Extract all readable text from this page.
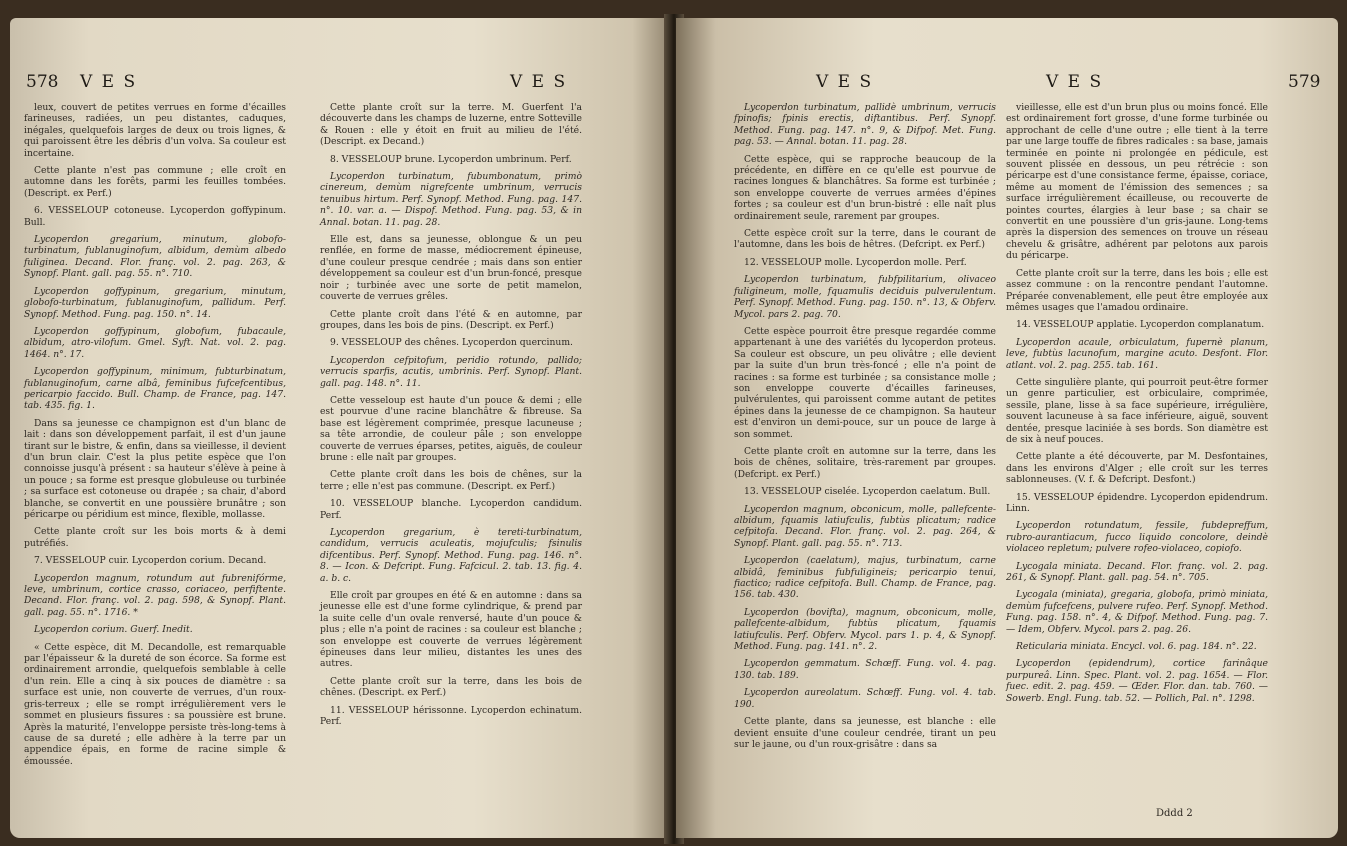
578 V E S	V E S

leux, couvert de petites verrues en forme d'écailles farineuses, radiées, un peu distantes, caduques, inégales, quelquefois larges de deux ou trois lignes, & qui paroissent être les débris d'un volva. Sa couleur est incertaine.

Cette plante n'est pas commune ; elle croît en automne dans les forêts, parmi les feuilles tombées. (Descript. ex Perf.)

6. VESSELOUP cotoneuse. Lycoperdon goffypinum. Bull.

Lycoperdon gregarium, minutum, globofo-turbinatum, fublanuginofum, albidum, demùm albedo fuliginea. Decand. Flor. franç. vol. 2. pag. 263, & Synopf. Plant. gall. pag. 55. n°. 710.

Lycoperdon goffypinum, gregarium, minutum, globofo-turbinatum, fublanuginofum, pallidum. Perf. Synopf. Method. Fung. pag. 150. n°. 14.

Lycoperdon goffypinum, globofum, fubacaule, albidum, atro-vilofum. Gmel. Syft. Nat. vol. 2. pag. 1464. n°. 17.

Lycoperdon goffypinum, minimum, fubturbinatum, fublanuginofum, carne albâ, feminibus fufcefcentibus, pericarpio faccido. Bull. Champ. de France, pag. 147. tab. 435. fig. 1.

Dans sa jeunesse ce champignon est d'un blanc de lait : dans son développement parfait, il est d'un jaune tirant sur le bistre, & enfin, dans sa vieillesse, il devient d'un brun clair. C'est la plus petite espèce que l'on connoisse jusqu'à présent : sa hauteur s'élève à peine à un pouce ; sa forme est presque globuleuse ou turbinée ; sa surface est cotoneuse ou drapée ; sa chair, d'abord blanche, se convertit en une poussière brunâtre ; son péricarpe ou péridium est mince, flexible, mollasse.

Cette plante croît sur les bois morts & à demi putréfiés.

7. VESSELOUP cuir. Lycoperdon corium. Decand.

Lycoperdon magnum, rotundum aut fubrenifórme, leve, umbrinum, cortice crasso, coriaceo, perfiftente. Decand. Flor. franç. vol. 2. pag. 598, & Synopf. Plant. gall. pag. 55. n°. 1716. *

Lycoperdon corium. Guerf. Inedit.

« Cette espèce, dit M. Decandolle, est remarquable par l'épaisseur & la dureté de son écorce. Sa forme est ordinairement arrondie, quelquefois semblable à celle d'un rein. Elle a cinq à six pouces de diamètre : sa surface est unie, non couverte de verrues, d'un roux-gris-terreux ; elle se rompt irrégulièrement vers le sommet en plusieurs fissures : sa poussière est brune. Après la maturité, l'enveloppe persiste très-long-tems à cause de sa dureté ; elle adhère à la terre par un appendice épais, en forme de racine simple & émoussée.

Cette plante croît sur la terre. M. Guerfent l'a découverte dans les champs de luzerne, entre Sotteville & Rouen : elle y étoit en fruit au milieu de l'été. (Descript. ex Decand.)

8. VESSELOUP brune. Lycoperdon umbrinum. Perf.

Lycoperdon turbinatum, fubumbonatum, primò cinereum, demùm nigrefcente umbrinum, verrucis tenuibus hirtum. Perf. Synopf. Method. Fung. pag. 147. n°. 10. var. a. — Dispof. Method. Fung. pag. 53, & in Annal. botan. 11. pag. 28.

Elle est, dans sa jeunesse, oblongue & un peu renflée, en forme de masse, médiocrement épineuse, d'une couleur presque cendrée ; mais dans son entier développement sa couleur est d'un brun-foncé, presque noir ; turbinée avec une sorte de petit mamelon, couverte de verrues grêles.

Cette plante croît dans l'été & en automne, par groupes, dans les bois de pins. (Descript. ex Perf.)

9. VESSELOUP des chênes. Lycoperdon quercinum.

Lycoperdon cefpitofum, peridio rotundo, pallido; verrucis sparfis, acutis, umbrinis. Perf. Synopf. Plant. gall. pag. 148. n°. 11.

Cette vesseloup est haute d'un pouce & demi ; elle est pourvue d'une racine blanchâtre & fibreuse. Sa base est légèrement comprimée, presque lacuneuse ; sa tête arrondie, de couleur pâle ; son enveloppe couverte de verrues éparses, petites, aiguës, de couleur brune : elle naît par groupes.

Cette plante croît dans les bois de chênes, sur la terre ; elle n'est pas commune. (Descript. ex Perf.)

10. VESSELOUP blanche. Lycoperdon candidum. Perf.

Lycoperdon gregarium, è tereti-turbinatum, candidum, verrucis aculeatis, mojufculis; fsinulis difcentibus. Perf. Synopf. Method. Fung. pag. 146. n°. 8. — Icon. & Defcript. Fung. Fafcicul. 2. tab. 13. fig. 4. a. b. c.

Elle croît par groupes en été & en automne : dans sa jeunesse elle est d'une forme cylindrique, & prend par la suite celle d'un ovale renversé, haute d'un pouce & plus ; elle n'a point de racines : sa couleur est blanche ; son enveloppe est couverte de verrues légèrement épineuses dans leur milieu, distantes les unes des autres.

Cette plante croît sur la terre, dans les bois de chênes. (Descript. ex Perf.)

11. VESSELOUP hérissonne. Lycoperdon echinatum. Perf.

V E S	V E S	579

Lycoperdon turbinatum, pallidè umbrinum, verrucis fpinofis; fpinis erectis, diftantibus. Perf. Synopf. Method. Fung. pag. 147. n°. 9, & Difpof. Met. Fung. pag. 53. — Annal. botan. 11. pag. 28.

Cette espèce, qui se rapproche beaucoup de la précédente, en diffère en ce qu'elle est pourvue de racines longues & blanchâtres. Sa forme est turbinée ; son enveloppe couverte de verrues armées d'épines fortes ; sa couleur est d'un brun-bistré : elle naît plus ordinairement seule, rarement par groupes.

Cette espèce croît sur la terre, dans le courant de l'automne, dans les bois de hêtres. (Defcript. ex Perf.)

12. VESSELOUP molle. Lycoperdon molle. Perf.

Lycoperdon turbinatum, fubfpilitarium, olivaceo fuligineum, molle, fquamulis deciduis pulverulentum. Perf. Synopf. Method. Fung. pag. 150. n°. 13, & Obferv. Mycol. pars 2. pag. 70.

Cette espèce pourroit être presque regardée comme appartenant à une des variétés du lycoperdon proteus. Sa couleur est obscure, un peu olivâtre ; elle devient par la suite d'un brun très-foncé ; elle n'a point de racines : sa forme est turbinée ; sa consistance molle ; son enveloppe couverte d'écailles farineuses, pulvérulentes, qui paroissent comme autant de petites épines dans la jeunesse de ce champignon. Sa hauteur est d'environ un demi-pouce, sur un pouce de large à son sommet.

Cette plante croît en automne sur la terre, dans les bois de chênes, solitaire, très-rarement par groupes. (Defcript. ex Perf.)

13. VESSELOUP ciselée. Lycoperdon caelatum. Bull.

Lycoperdon magnum, obconicum, molle, pallefcente-albidum, fquamis latiufculis, fubtùs plicatum; radice cefpitofa. Decand. Flor. franç. vol. 2. pag. 264, & Synopf. Plant. gall. pag. 55. n°. 713.

Lycoperdon (caelatum), majus, turbinatum, carne albidâ, feminibus fubfuligineis; pericarpio tenui, fiactico; radice cefpitofa. Bull. Champ. de France, pag. 156. tab. 430.

Lycoperdon (bovifta), magnum, obconicum, molle, pallefcente-albidum, fubtùs plicatum, fquamis latiufculis. Perf. Obferv. Mycol. pars 1. p. 4, & Synopf. Method. Fung. pag. 141. n°. 2.

Lycoperdon gemmatum. Schœff. Fung. vol. 4. pag. 130. tab. 189.

Lycoperdon aureolatum. Schœff. Fung. vol. 4. tab. 190.

Cette plante, dans sa jeunesse, est blanche : elle devient ensuite d'une couleur cendrée, tirant un peu sur le jaune, ou d'un roux-grisâtre : dans sa

vieillesse, elle est d'un brun plus ou moins foncé. Elle est ordinairement fort grosse, d'une forme turbinée ou approchant de celle d'une outre ; elle tient à la terre par une large touffe de fibres radicales : sa base, jamais terminée en pointe ni prolongée en pédicule, est souvent plissée en dessous, un peu rétrécie : son péricarpe est d'une consistance ferme, épaisse, coriace, même au moment de l'émission des semences ; sa surface irrégulièrement écailleuse, ou recouverte de pointes courtes, élargies à leur base ; sa chair se convertit en une poussière d'un gris-jaune. Long-tems après la dispersion des semences on trouve un réseau chevelu & grisâtre, adhérent par pelotons aux parois du péricarpe.

Cette plante croît sur la terre, dans les bois ; elle est assez commune : on la rencontre pendant l'automne. Préparée convenablement, elle peut être employée aux mêmes usages que l'amadou ordinaire.

14. VESSELOUP applatie. Lycoperdon complanatum.

Lycoperdon acaule, orbiculatum, fupernè planum, leve, fubtùs lacunofum, margine acuto. Desfont. Flor. atlant. vol. 2. pag. 255. tab. 161.

Cette singulière plante, qui pourroit peut-être former un genre particulier, est orbiculaire, comprimée, sessile, plane, lisse à sa face supérieure, irrégulière, souvent lacuneuse à sa face inférieure, aiguë, souvent dentée, presque laciniée à ses bords. Son diamètre est de six à neuf pouces.

Cette plante a été découverte, par M. Desfontaines, dans les environs d'Alger ; elle croît sur les terres sablonneuses. (V. f. & Defcript. Desfont.)

15. VESSELOUP épidendre. Lycoperdon epidendrum. Linn.

Lycoperdon rotundatum, fessile, fubdepreffum, rubro-aurantiacum, fucco liquido concolore, deindè violaceo repletum; pulvere rofeo-violaceo, copiofo.

Lycogala miniata. Decand. Flor. franç. vol. 2. pag. 261, & Synopf. Plant. gall. pag. 54. n°. 705.

Lycogala (miniata), gregaria, globofa, primò miniata, demùm fufcefcens, pulvere rufeo. Perf. Synopf. Method. Fung. pag. 158. n°. 4, & Difpof. Method. Fung. pag. 7. — Idem, Obferv. Mycol. pars 2. pag. 26.

Reticularia miniata. Encycl. vol. 6. pag. 184. n°. 22.

Lycoperdon (epidendrum), cortice farinâque purpureâ. Linn. Spec. Plant. vol. 2. pag. 1654. — Flor. fuec. edit. 2. pag. 459. — Œder. Flor. dan. tab. 760. — Sowerb. Engl. Fung. tab. 52. — Pollich, Pal. n°. 1298.

Dddd 2
